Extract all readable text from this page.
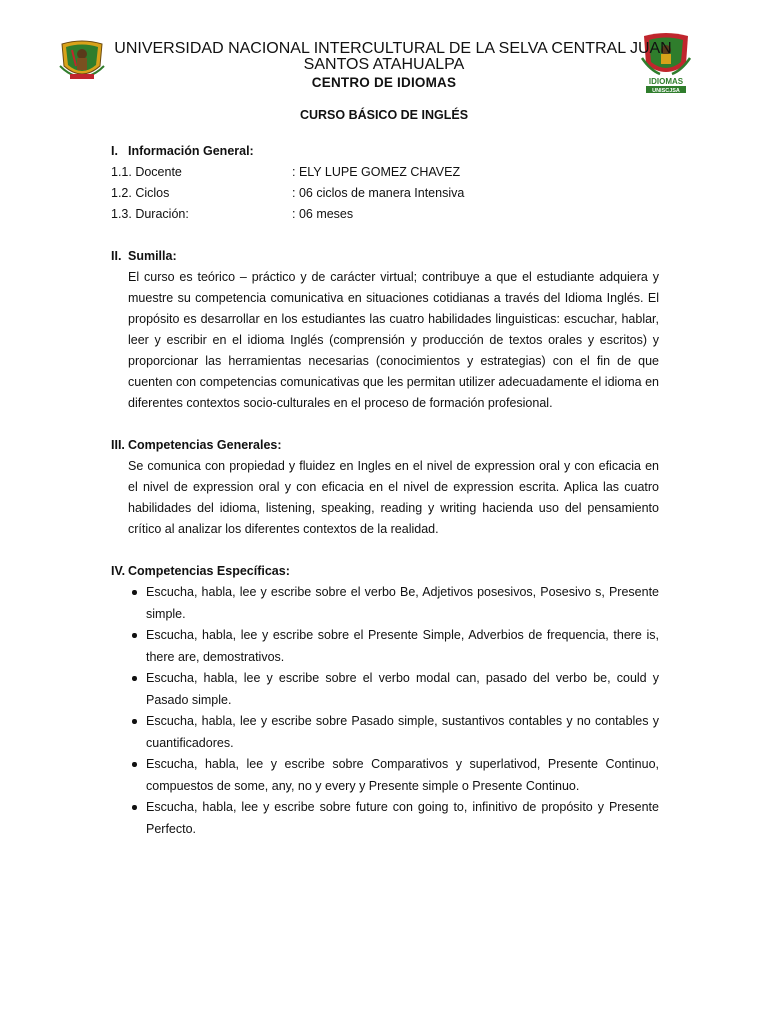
IDIOMAS
UNISCJSA
UNIVERSIDAD NACIONAL INTERCULTURAL DE LA SELVA CENTRAL JUAN
SANTOS ATAHUALPA
CENTRO DE IDIOMAS
CURSO BÁSICO DE INGLÉS
I. Información General:
1.1. Docente	: ELY LUPE GOMEZ CHAVEZ
1.2. Ciclos	: 06 ciclos de manera Intensiva
1.3. Duración:	: 06 meses
II. Sumilla:

El curso es teórico – práctico y de carácter virtual; contribuye a que el estudiante adquiera y muestre su competencia comunicativa en situaciones cotidianas a través del Idioma Inglés. El propósito es desarrollar en los estudiantes las cuatro habilidades linguisticas: escuchar, hablar, leer y escribir en el idioma Inglés (comprensión y producción de textos orales y escritos) y proporcionar las herramientas necesarias (conocimientos y estrategias) con el fin de que cuenten con competencias comunicativas que les permitan utilizer adecuadamente el idioma en diferentes contextos socio-culturales en el proceso de formación profesional.

III. Competencias Generales:

Se comunica con propiedad y fluidez en Ingles en el nivel de expression oral y con eficacia en el nivel de expression oral y con eficacia en el nivel de expression escrita. Aplica las cuatro habilidades del idioma, listening, speaking, reading y writing hacienda uso del pensamiento crítico al analizar los diferentes contextos de la realidad.

IV. Competencias Específicas:
Escucha, habla, lee y escribe sobre el verbo Be, Adjetivos posesivos, Posesivo s, Presente simple.
Escucha, habla, lee y escribe sobre el Presente Simple, Adverbios de frequencia, there is, there are, demostrativos.
Escucha, habla, lee y escribe sobre el verbo modal can, pasado del verbo be, could y Pasado simple.
Escucha, habla, lee y escribe sobre Pasado simple, sustantivos contables y no contables y cuantificadores.
Escucha, habla, lee y escribe sobre Comparativos y superlativod, Presente Continuo, compuestos de some, any, no y every y Presente simple o Presente Continuo.
Escucha, habla, lee y escribe sobre future con going to, infinitivo de propósito y Presente Perfecto.
